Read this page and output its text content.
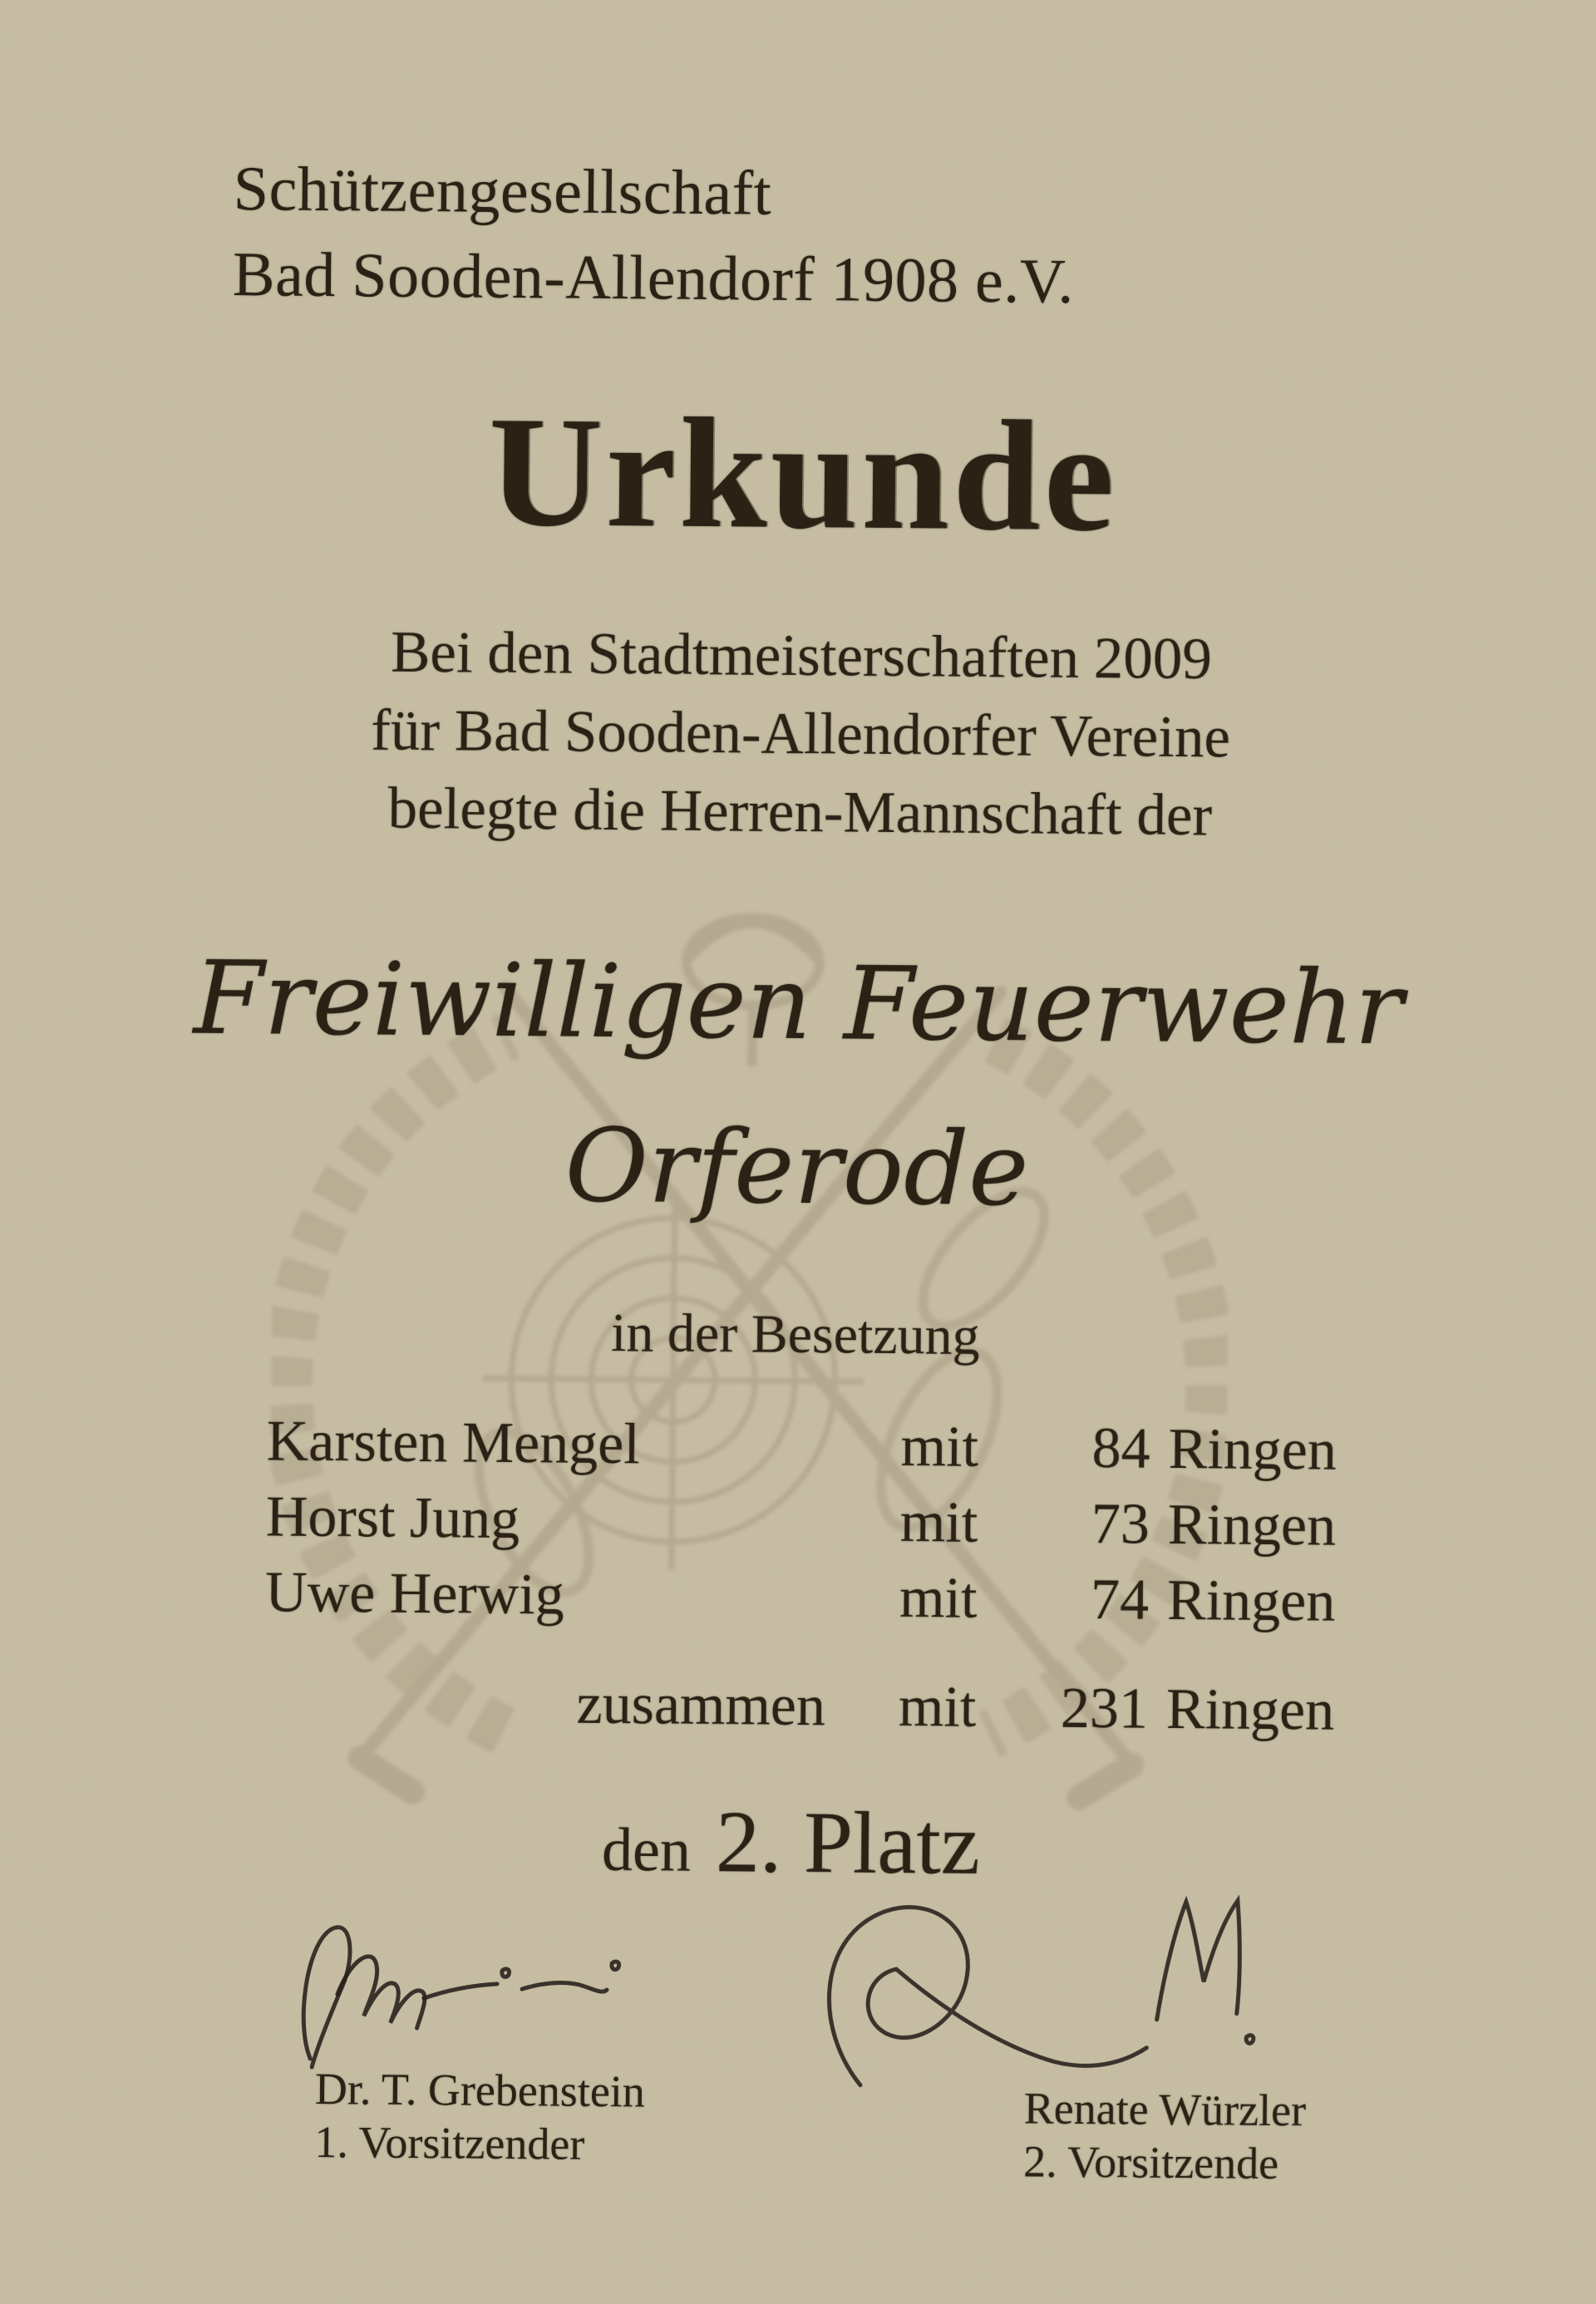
Schützengesellschaft
Bad Sooden-Allendorf 1908 e.V.
Urkunde
Bei den Stadtmeisterschaften 2009
für Bad Sooden-Allendorfer Vereine
belegte die Herren-Mannschaft der
Freiwilligen Feuerwehr
Orferode
in der Besetzung
Karsten Mengel	mit	84 Ringen
Horst Jung	mit	73 Ringen
Uwe Herwig	mit	74 Ringen
zusammen	mit	231 Ringen
den 2. Platz
Dr. T. Grebenstein
1. Vorsitzender
Renate Würzler
2. Vorsitzende
